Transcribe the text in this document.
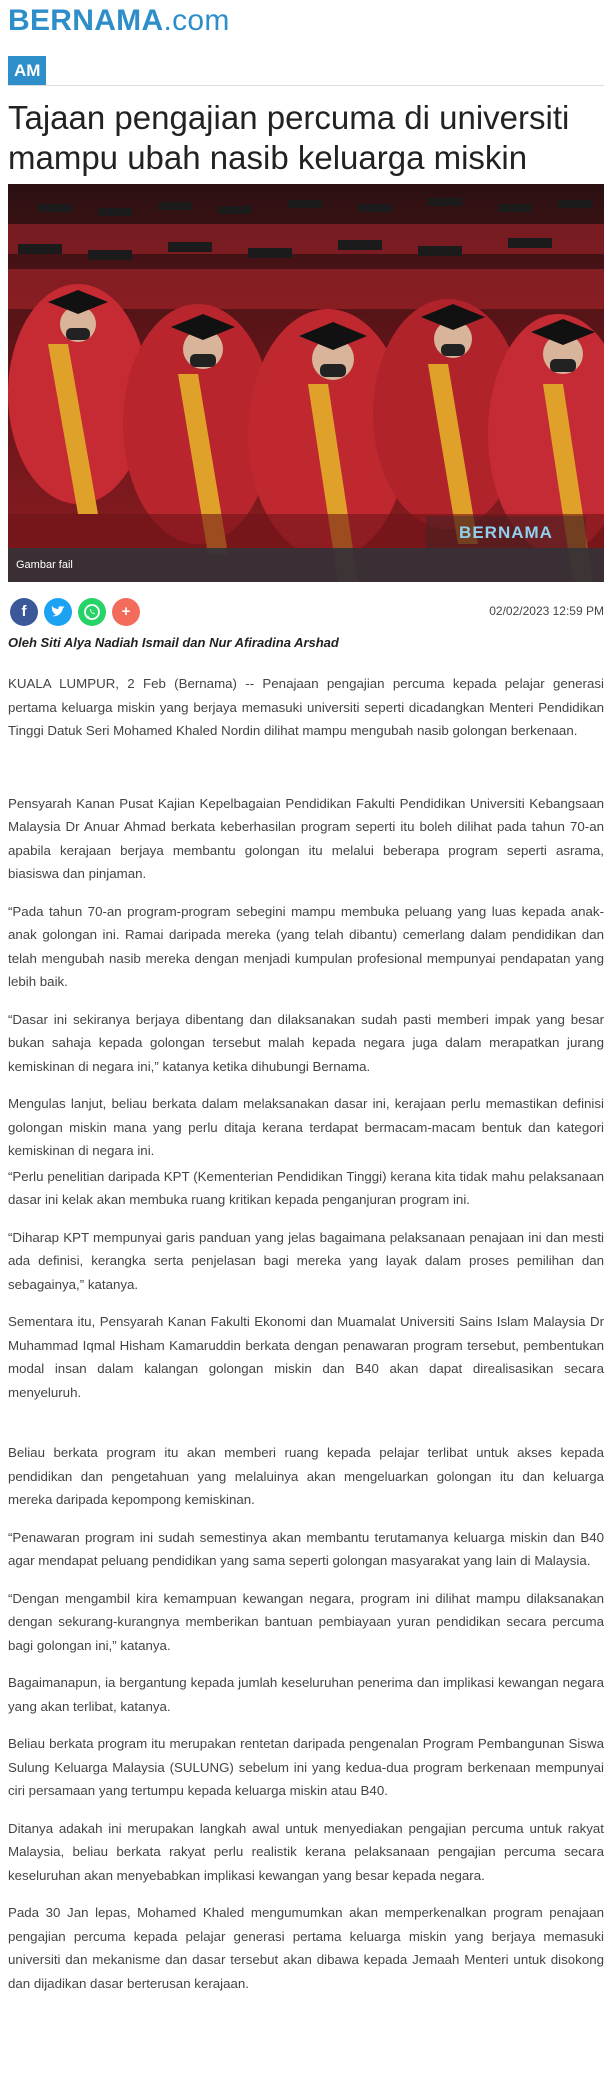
BERNAMA.com
AM
Tajaan pengajian percuma di universiti mampu ubah nasib keluarga miskin
BERNAMA
Gambar fail
f	+	02/02/2023 12:59 PM

Oleh Siti Alya Nadiah Ismail dan Nur Afiradina Arshad

KUALA LUMPUR, 2 Feb (Bernama) -- Penajaan pengajian percuma kepada pelajar generasi pertama keluarga miskin yang berjaya memasuki universiti seperti dicadangkan Menteri Pendidikan Tinggi Datuk Seri Mohamed Khaled Nordin dilihat mampu mengubah nasib golongan berkenaan.

Pensyarah Kanan Pusat Kajian Kepelbagaian Pendidikan Fakulti Pendidikan Universiti Kebangsaan Malaysia Dr Anuar Ahmad berkata keberhasilan program seperti itu boleh dilihat pada tahun 70-an apabila kerajaan berjaya membantu golongan itu melalui beberapa program seperti asrama, biasiswa dan pinjaman.

“Pada tahun 70-an program-program sebegini mampu membuka peluang yang luas kepada anak-anak golongan ini. Ramai daripada mereka (yang telah dibantu) cemerlang dalam pendidikan dan telah mengubah nasib mereka dengan menjadi kumpulan profesional mempunyai pendapatan yang lebih baik.

“Dasar ini sekiranya berjaya dibentang dan dilaksanakan sudah pasti memberi impak yang besar bukan sahaja kepada golongan tersebut malah kepada negara juga dalam merapatkan jurang kemiskinan di negara ini,” katanya ketika dihubungi Bernama.

Mengulas lanjut, beliau berkata dalam melaksanakan dasar ini, kerajaan perlu memastikan definisi golongan miskin mana yang perlu ditaja kerana terdapat bermacam-macam bentuk dan kategori kemiskinan di negara ini.

“Perlu penelitian daripada KPT (Kementerian Pendidikan Tinggi) kerana kita tidak mahu pelaksanaan dasar ini kelak akan membuka ruang kritikan kepada penganjuran program ini.

“Diharap KPT mempunyai garis panduan yang jelas bagaimana pelaksanaan penajaan ini dan mesti ada definisi, kerangka serta penjelasan bagi mereka yang layak dalam proses pemilihan dan sebagainya,” katanya.

Sementara itu, Pensyarah Kanan Fakulti Ekonomi dan Muamalat Universiti Sains Islam Malaysia Dr Muhammad Iqmal Hisham Kamaruddin berkata dengan penawaran program tersebut, pembentukan modal insan dalam kalangan golongan miskin dan B40 akan dapat direalisasikan secara menyeluruh.

Beliau berkata program itu akan memberi ruang kepada pelajar terlibat untuk akses kepada pendidikan dan pengetahuan yang melaluinya akan mengeluarkan golongan itu dan keluarga mereka daripada kepompong kemiskinan.

“Penawaran program ini sudah semestinya akan membantu terutamanya keluarga miskin dan B40 agar mendapat peluang pendidikan yang sama seperti golongan masyarakat yang lain di Malaysia.

“Dengan mengambil kira kemampuan kewangan negara, program ini dilihat mampu dilaksanakan dengan sekurang-kurangnya memberikan bantuan pembiayaan yuran pendidikan secara percuma bagi golongan ini,” katanya.

Bagaimanapun, ia bergantung kepada jumlah keseluruhan penerima dan implikasi kewangan negara yang akan terlibat, katanya.

Beliau berkata program itu merupakan rentetan daripada pengenalan Program Pembangunan Siswa Sulung Keluarga Malaysia (SULUNG) sebelum ini yang kedua-dua program berkenaan mempunyai ciri persamaan yang tertumpu kepada keluarga miskin atau B40.

Ditanya adakah ini merupakan langkah awal untuk menyediakan pengajian percuma untuk rakyat Malaysia, beliau berkata rakyat perlu realistik kerana pelaksanaan pengajian percuma secara keseluruhan akan menyebabkan implikasi kewangan yang besar kepada negara.

Pada 30 Jan lepas, Mohamed Khaled mengumumkan akan memperkenalkan program penajaan pengajian percuma kepada pelajar generasi pertama keluarga miskin yang berjaya memasuki universiti dan mekanisme dan dasar tersebut akan dibawa kepada Jemaah Menteri untuk disokong dan dijadikan dasar berterusan kerajaan.
